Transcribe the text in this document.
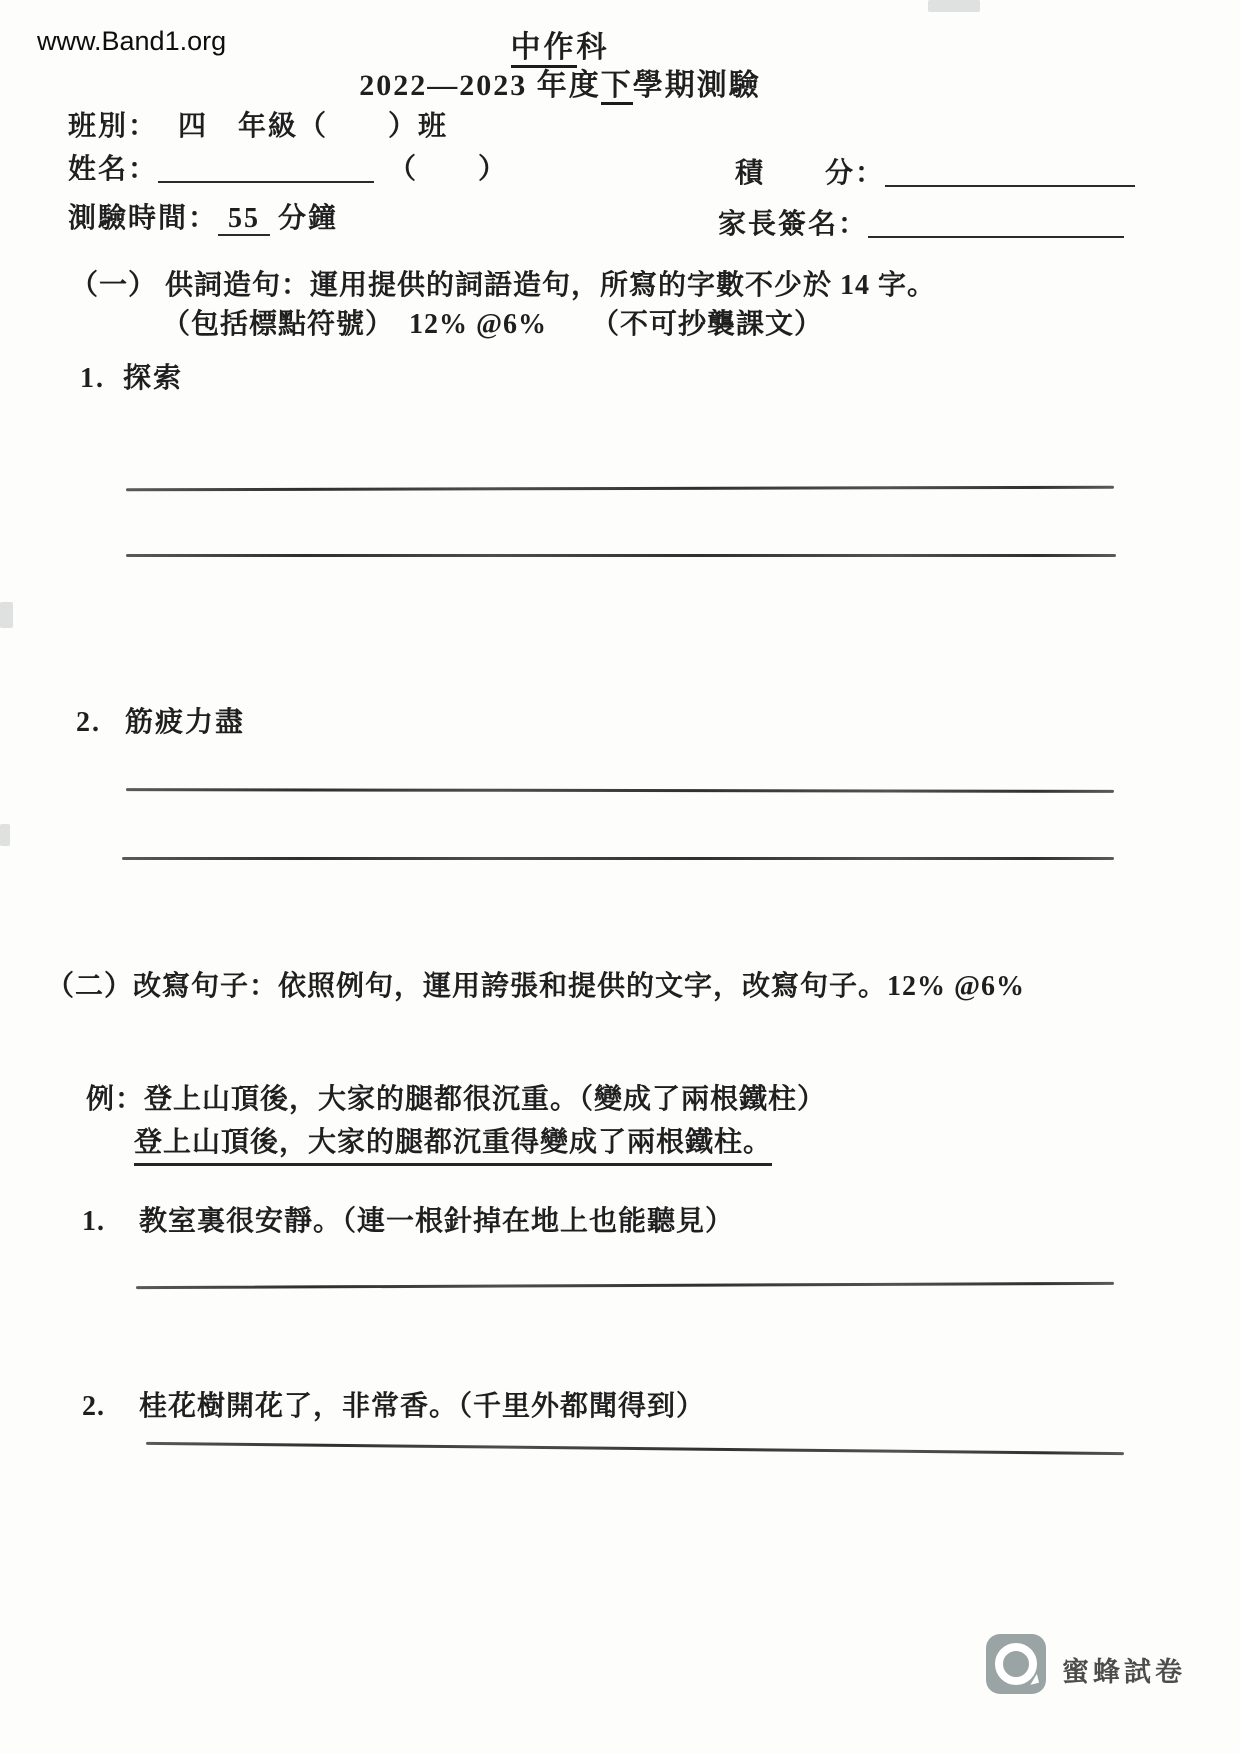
www.Band1.org	中作科
2022—2023 年度下學期測驗
班別： 四　年級（　　）班
姓名：	（　　）	積　　分：
測驗時間： 55 分鐘	家長簽名：
（一） 供詞造句：運用提供的詞語造句，所寫的字數不少於 14 字。
（包括標點符號）　12% @6%　　（不可抄襲課文）
1. 探索
2. 筋疲力盡
（二）改寫句子：依照例句，運用誇張和提供的文字，改寫句子。12% @6%
例：登上山頂後，大家的腿都很沉重。（變成了兩根鐵柱）
登上山頂後，大家的腿都沉重得變成了兩根鐵柱。
1. 教室裏很安靜。（連一根針掉在地上也能聽見）
2. 桂花樹開花了，非常香。（千里外都聞得到）
蜜蜂試卷
